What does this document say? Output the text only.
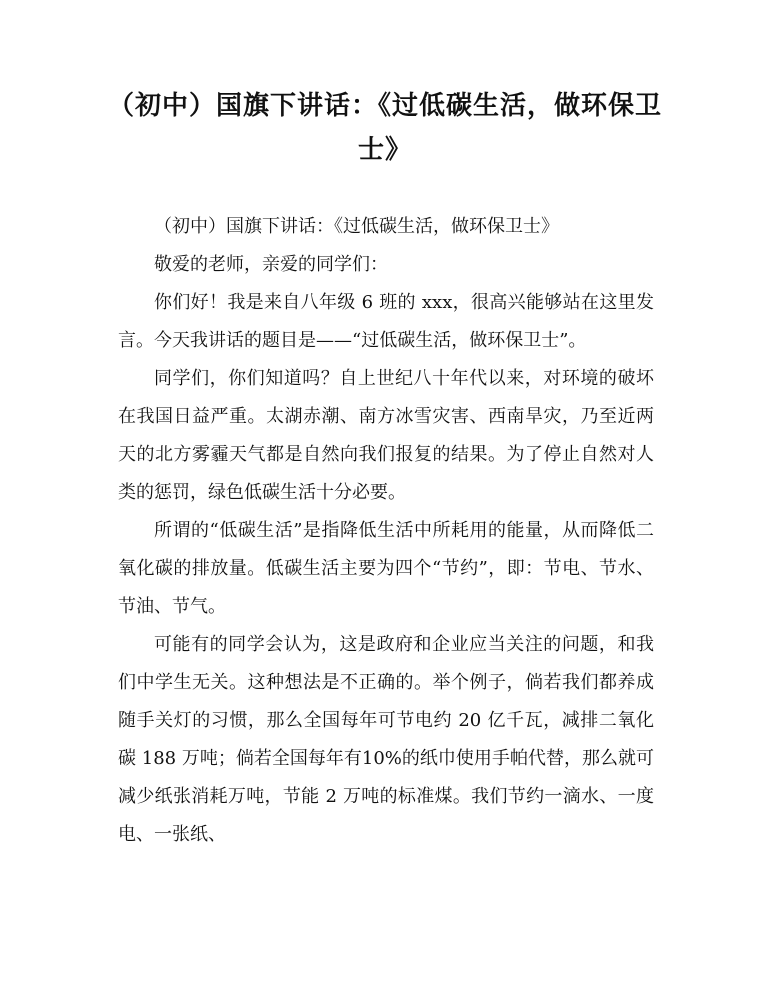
（初中）国旗下讲话：《过低碳生活，做环保卫士》

（初中）国旗下讲话：《过低碳生活，做环保卫士》

敬爱的老师，亲爱的同学们：

你们好！我是来自八年级 6 班的 xxx，很高兴能够站在这里发言。今天我讲话的题目是——“过低碳生活，做环保卫士”。

同学们，你们知道吗？自上世纪八十年代以来，对环境的破坏在我国日益严重。太湖赤潮、南方冰雪灾害、西南旱灾，乃至近两天的北方雾霾天气都是自然向我们报复的结果。为了停止自然对人类的惩罚，绿色低碳生活十分必要。

所谓的“低碳生活”是指降低生活中所耗用的能量，从而降低二氧化碳的排放量。低碳生活主要为四个“节约”，即：节电、节水、节油、节气。

可能有的同学会认为，这是政府和企业应当关注的问题，和我们中学生无关。这种想法是不正确的。举个例子，倘若我们都养成随手关灯的习惯，那么全国每年可节电约 20 亿千瓦，减排二氧化碳 188 万吨；倘若全国每年有10%的纸巾使用手帕代替，那么就可减少纸张消耗万吨，节能 2 万吨的标准煤。我们节约一滴水、一度电、一张纸、
